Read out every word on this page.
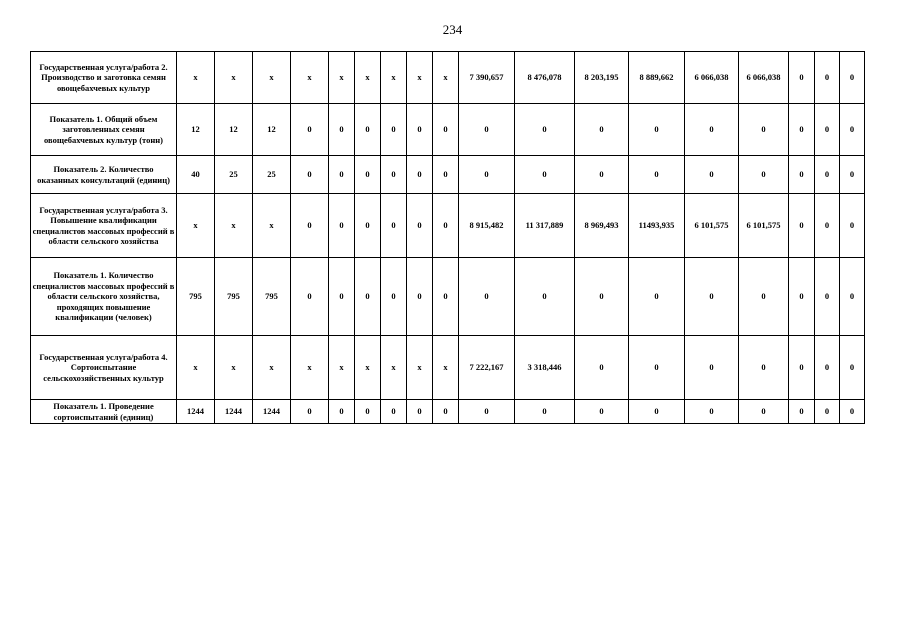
234
Государственная услуга/работа 2. Производство и заготовка семян овощебахчевых культур	x	x	x	x	x	x	x	x	x	7 390,657	8 476,078	8 203,195	8 889,662	6 066,038	6 066,038	0	0	0
Показатель 1. Общий объем заготовленных семян овощебахчевых культур (тонн)	12	12	12	0	0	0	0	0	0	0	0	0	0	0	0	0	0	0
Показатель 2. Количество оказанных консультаций (единиц)	40	25	25	0	0	0	0	0	0	0	0	0	0	0	0	0	0	0
Государственная услуга/работа 3. Повышение квалификации специалистов массовых профессий в области сельского хозяйства	x	x	x	0	0	0	0	0	0	8 915,482	11 317,889	8 969,493	11493,935	6 101,575	6 101,575	0	0	0
Показатель 1. Количество специалистов массовых профессий в области сельского хозяйства, проходящих повышение квалификации (человек)	795	795	795	0	0	0	0	0	0	0	0	0	0	0	0	0	0	0
Государственная услуга/работа 4. Сортоиспытание сельскохозяйственных культур	x	x	x	x	x	x	x	x	x	7 222,167	3 318,446	0	0	0	0	0	0	0
Показатель 1. Проведение сортоиспытаний (единиц)	1244	1244	1244	0	0	0	0	0	0	0	0	0	0	0	0	0	0	0
